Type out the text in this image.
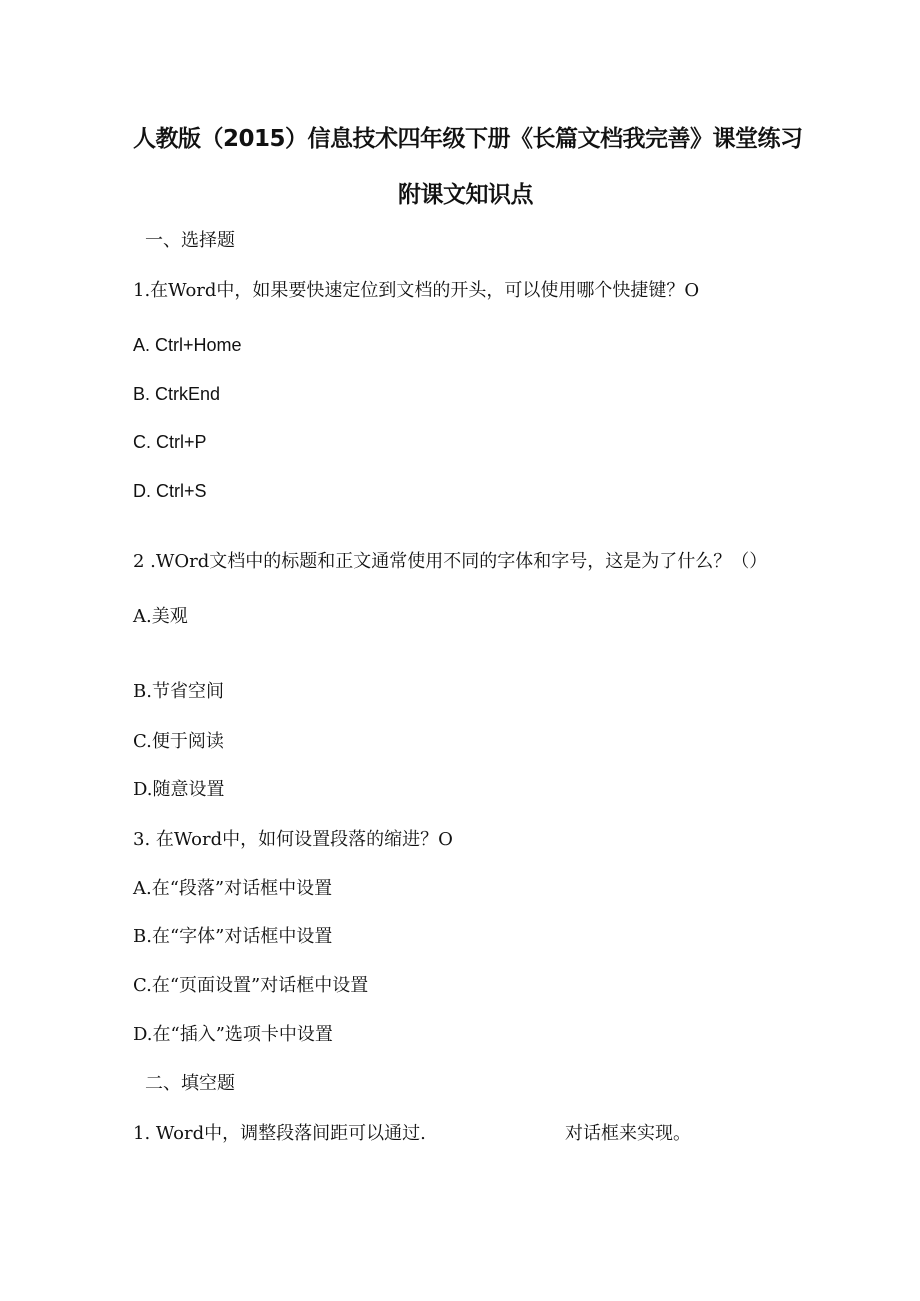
人教版（2015）信息技术四年级下册《长篇文档我完善》课堂练习
附课文知识点
一、选择题
1.在Word中，如果要快速定位到文档的开头，可以使用哪个快捷键？O
A. Ctrl+Home
B. CtrkEnd
C. Ctrl+P
D. Ctrl+S
2 .WOrd文档中的标题和正文通常使用不同的字体和字号，这是为了什么？（）
A.美观
B.节省空间
C.便于阅读
D.随意设置
3. 在Word中，如何设置段落的缩进？O
A.在“段落”对话框中设置
B.在“字体”对话框中设置
C.在“页面设置”对话框中设置
D.在“插入”选项卡中设置
二、填空题
1. Word中，调整段落间距可以通过.	对话框来实现。
